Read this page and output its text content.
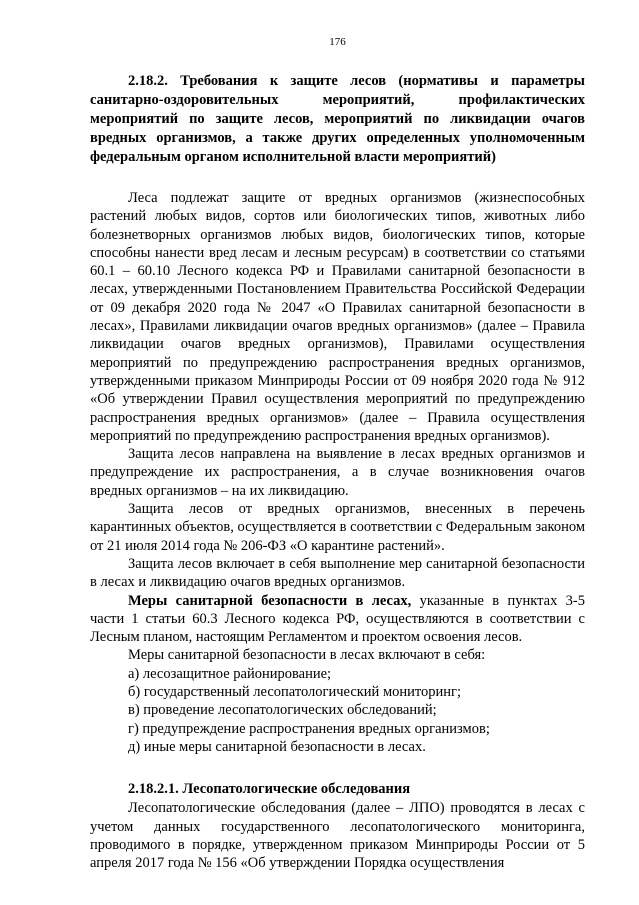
176
2.18.2. Требования к защите лесов (нормативы и параметры санитарно-оздоровительных мероприятий, профилактических мероприятий по защите лесов, мероприятий по ликвидации очагов вредных организмов, а также других определенных уполномоченным федеральным органом исполнительной власти мероприятий)

Леса подлежат защите от вредных организмов (жизнеспособных растений любых видов, сортов или биологических типов, животных либо болезнетворных организмов любых видов, биологических типов, которые способны нанести вред лесам и лесным ресурсам) в соответствии со статьями 60.1 – 60.10 Лесного кодекса РФ и Правилами санитарной безопасности в лесах, утвержденными Постановлением Правительства Российской Федерации от 09 декабря 2020 года № 2047 «О Правилах санитарной безопасности в лесах», Правилами ликвидации очагов вредных организмов» (далее – Правила ликвидации очагов вредных организмов), Правилами осуществления мероприятий по предупреждению распространения вредных организмов, утвержденными приказом Минприроды России от 09 ноября 2020 года № 912 «Об утверждении Правил осуществления мероприятий по предупреждению распространения вредных организмов» (далее – Правила осуществления мероприятий по предупреждению распространения вредных организмов).

Защита лесов направлена на выявление в лесах вредных организмов и предупреждение их распространения, а в случае возникновения очагов вредных организмов – на их ликвидацию.

Защита лесов от вредных организмов, внесенных в перечень карантинных объектов, осуществляется в соответствии с Федеральным законом от 21 июля 2014 года № 206-ФЗ «О карантине растений».

Защита лесов включает в себя выполнение мер санитарной безопасности в лесах и ликвидацию очагов вредных организмов.

Меры санитарной безопасности в лесах, указанные в пунктах 3-5 части 1 статьи 60.3 Лесного кодекса РФ, осуществляются в соответствии с Лесным планом, настоящим Регламентом и проектом освоения лесов.

Меры санитарной безопасности в лесах включают в себя:

а) лесозащитное районирование;

б) государственный лесопатологический мониторинг;

в) проведение лесопатологических обследований;

г) предупреждение распространения вредных организмов;

д) иные меры санитарной безопасности в лесах.

2.18.2.1. Лесопатологические обследования

Лесопатологические обследования (далее – ЛПО) проводятся в лесах с учетом данных государственного лесопатологического мониторинга, проводимого в порядке, утвержденном приказом Минприроды России от 5 апреля 2017 года № 156 «Об утверждении Порядка осуществления
